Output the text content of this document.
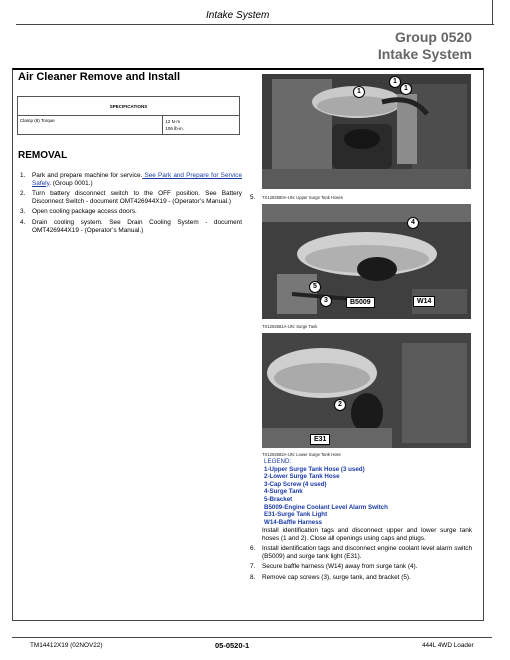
Intake System
Group 0520
Intake System
Air Cleaner Remove and Install
SPECIFICATIONS
Clamp (8) Torque	12 N·m
106 lb-in.
REMOVAL
1.	Park and prepare machine for service. See Park and Prepare for Service Safely. (Group 0001.)
2.	Turn battery disconnect switch to the OFF position. See Battery Disconnect Switch - document OMT426944X19 - (Operator’s Manual.)
3.	Open cooling package access doors.
4.	Drain cooling system. See Drain Cooling System - document OMT426944X19 - (Operator’s Manual.)
5.
1
1
1
TX1292580A-UN: Upper Surge Tank Hoses
4
5
3	B5009	W14
TX1292581A-UN: Surge Tank
2
E31
TX1292582A-UN: Lower Surge Tank Hose
LEGEND:
1-Upper Surge Tank Hose (3 used)
2-Lower Surge Tank Hose
3-Cap Screw (4 used)
4-Surge Tank
5-Bracket
B5009-Engine Coolant Level Alarm Switch
E31-Surge Tank Light
W14-Baffle Harness
Install identification tags and disconnect upper and lower surge tank hoses (1 and 2). Close all openings using caps and plugs.
6.	Install identification tags and disconnect engine coolant level alarm switch (B5009) and surge tank light (E31).
7.	Secure baffle harness (W14) away from surge tank (4).
8.	Remove cap screws (3), surge tank, and bracket (5).
TM14412X19 (02NOV22)	05-0520-1	444L 4WD Loader
